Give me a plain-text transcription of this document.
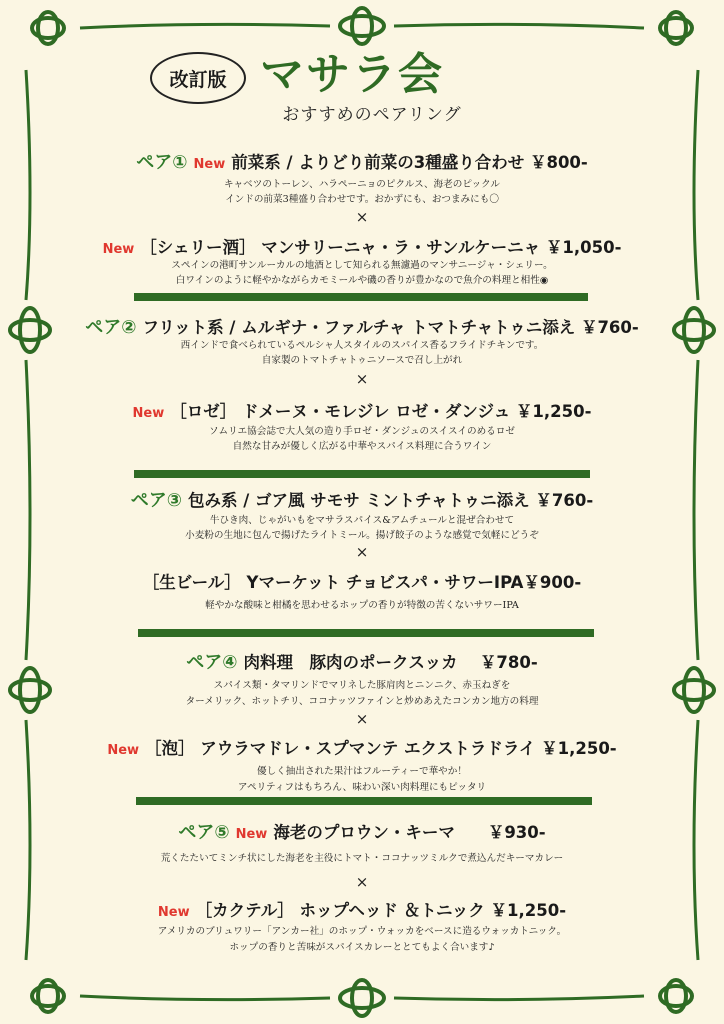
改訂版 マサラ会
おすすめのペアリング
ペア① New 前菜系 / よりどり前菜の3種盛り合わせ ￥800-
キャベツのトーレン、ハラペーニョのピクルス、海老のピックル
インドの前菜3種盛り合わせです。おかずにも、おつまみにも〇
×
New ［シェリー酒］ マンサリーニャ・ラ・サンルケーニャ ￥1,050-
スペインの港町サンルーカルの地酒として知られる無濾過のマンサニージャ・シェリー。
白ワインのように軽やかながらカモミールや磯の香りが豊かなので魚介の料理と相性◉
ペア② フリット系 / ムルギナ・ファルチャ トマトチャトゥニ添え ￥760-
西インドで食べられているペルシャ人スタイルのスパイス香るフライドチキンです。
自家製のトマトチャトゥニソースで召し上がれ
×
New ［ロゼ］ ドメーヌ・モレジレ ロゼ・ダンジュ ￥1,250-
ソムリエ協会誌で大人気の造り手ロゼ・ダンジュのスイスイのめるロゼ
自然な甘みが優しく広がる中華やスパイス料理に合うワイン
ペア③ 包み系 / ゴア風 サモサ ミントチャトゥニ添え ￥760-
牛ひき肉、じゃがいもをマサラスパイス&アムチュールと混ぜ合わせて
小麦粉の生地に包んで揚げたライトミール。揚げ餃子のような感覚で気軽にどうぞ
×
［生ビール］ Yマーケット チョビスパ・サワーIPA￥900-
軽やかな酸味と柑橘を思わせるホップの香りが特徴の苦くないサワーIPA
ペア④ 肉料理　豚肉のポークスッカ　 ￥780-
スパイス類・タマリンドでマリネした豚肩肉とニンニク、赤玉ねぎを
ターメリック、ホットチリ、ココナッツファインと炒めあえたコンカン地方の料理
×
New ［泡］ アウラマドレ・スプマンテ エクストラドライ ￥1,250-
優しく抽出された果汁はフルーティーで華やか！
アペリティフはもちろん、味わい深い肉料理にもピッタリ
ペア⑤ New 海老のプロウン・キーマ　　￥930-
荒くたたいてミンチ状にした海老を主役にトマト・ココナッツミルクで煮込んだキーマカレー
×
New ［カクテル］ ホップヘッド ＆トニック ￥1,250-
アメリカのブリュワリー「アンカー社」のホップ・ウォッカをベースに造るウォッカトニック。
ホップの香りと苦味がスパイスカレーととてもよく合います♪
